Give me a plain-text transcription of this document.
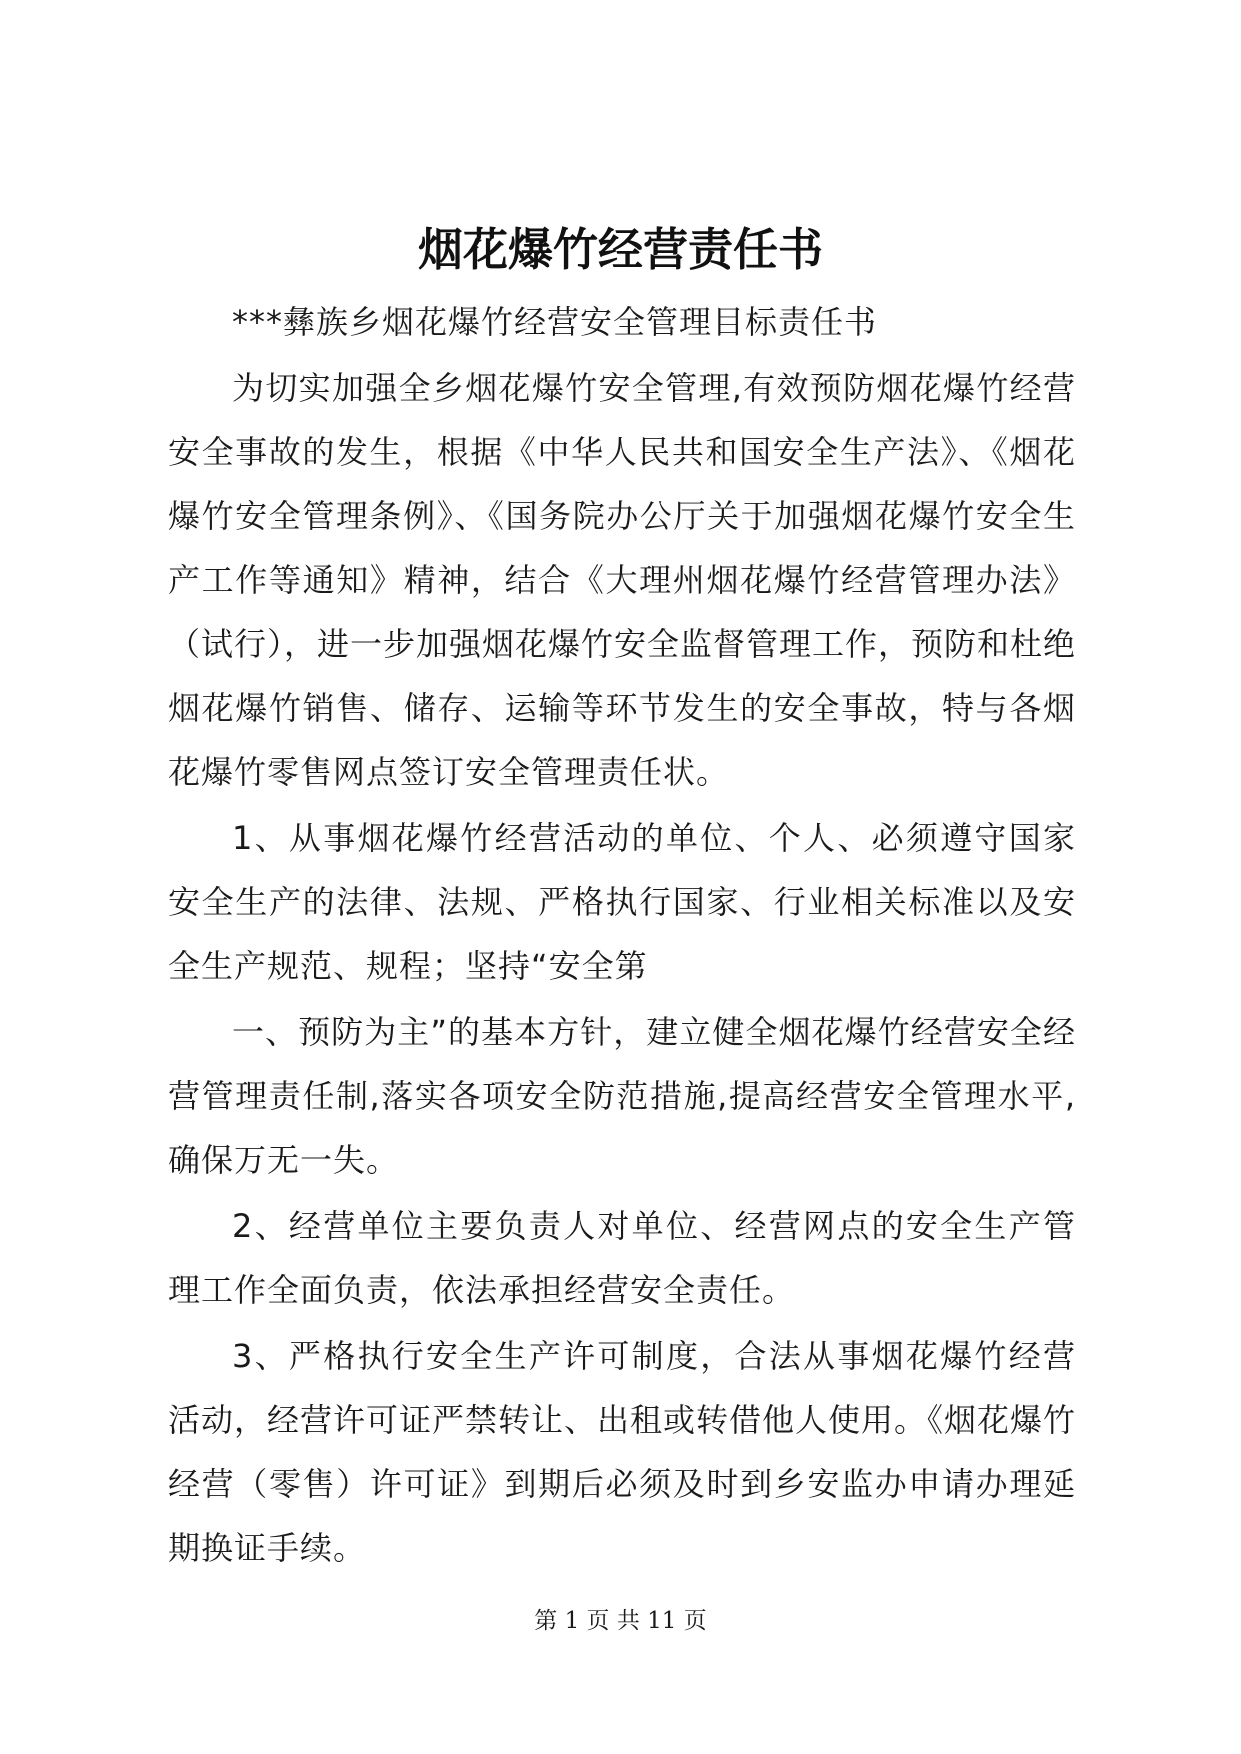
烟花爆竹经营责任书

***彝族乡烟花爆竹经营安全管理目标责任书

为切实加强全乡烟花爆竹安全管理,有效预防烟花爆竹经营安全事故的发生，根据《中华人民共和国安全生产法》、《烟花爆竹安全管理条例》、《国务院办公厅关于加强烟花爆竹安全生产工作等通知》精神，结合《大理州烟花爆竹经营管理办法》（试行），进一步加强烟花爆竹安全监督管理工作，预防和杜绝烟花爆竹销售、储存、运输等环节发生的安全事故，特与各烟花爆竹零售网点签订安全管理责任状。

1、从事烟花爆竹经营活动的单位、个人、必须遵守国家安全生产的法律、法规、严格执行国家、行业相关标准以及安全生产规范、规程；坚持“安全第

一、预防为主”的基本方针，建立健全烟花爆竹经营安全经营管理责任制,落实各项安全防范措施,提高经营安全管理水平,确保万无一失。

2、经营单位主要负责人对单位、经营网点的安全生产管理工作全面负责，依法承担经营安全责任。

3、严格执行安全生产许可制度，合法从事烟花爆竹经营活动，经营许可证严禁转让、出租或转借他人使用。《烟花爆竹经营（零售）许可证》到期后必须及时到乡安监办申请办理延期换证手续。

第 1 页 共 11 页
